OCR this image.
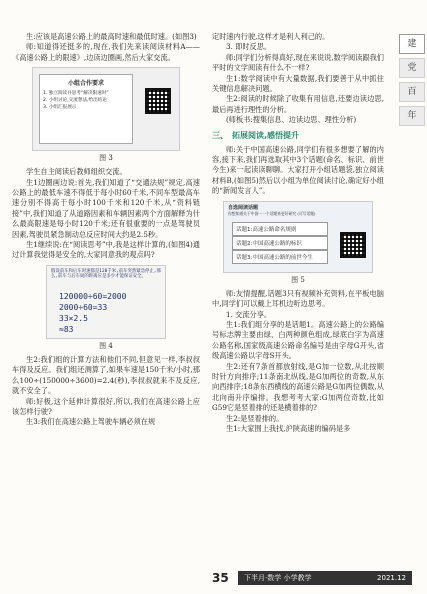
建
党
百
年

生:应该是高速公路上的最高时速和最低时速。(如图3)

师:知道得还挺多的,现在,我们先来读阅读材料A——《高速公路上的限速》,边读边圈画,然后大家交流。

小组合作要求
1. 独立阅读并思考“解决限速时”
2. 小组讨论,交流想法,给出结论
3. 小组汇报展示
图 3

学生自主阅读后教师组织交流。

生1边圈画边说:首先,我们知道了“交通法规”规定,高速公路上的最低车速不得低于每小时60千米,不同车型最高车速分别不得高于每小时100千米和120千米,从“资料链接”中,我们知道了从道路因素和车辆因素两个方面解释为什么最高限速是每小时120千米;还有很重要的一点是驾驶员因素,驾驶员紧急制动总反应时间大约是2.5秒。

生1继续说:在“阅读思考”中,我是这样计算的,(如图4)通过计算我觉得是安全的,大家同意我的观点吗?

假设前车和后车时速都是120千米,前车突然紧急停止,那么,前车与后车间的距离应是多少才能保证安全。
120000÷60=2000
2000÷60=33
33×2.5
≈83
图 4

生2:我们组的计算方法和他们不同,但意见一样,李叔叔车得及反应。我们组还测算了,如果车速是150千米/小时,那么100÷(150000÷3600)=2.4(秒),李叔叔就来不及反应,就不安全了。

师:好极,这个延伸计算很好,所以,我们在高速公路上应该怎样行驶?

生3:我们在高速公路上驾驶车辆必须在规

定时速内行驶,这样才是利人利己的。

3. 即时反思。

师:同学们分析得真好,现在来说说,数学阅读跟我们平时的文学阅读有什么不一样?

生1:数学阅读中有大量数据,我们要善于从中抓住关键信息解决问题。

生2:阅读的时候除了收集有用信息,还要边读边思,最后再进行理性的分析。

(师板书:搜集信息、边读边思、理性分析)

三、 拓展阅读,感悟提升

师:关于中国高速公路,同学们有很多想要了解的内容,接下来,我们再选取其中3个话题(命名、标识、前世今生)来一起读读聊聊。大家打开小组话题袋,独立阅读材料B,(如图5)然后以小组为单位阅读讨论,确定好小组的“新闻发言人”。

自选阅读话题
你想知道关于中国···一个话题来更好研究 (可写话题)
话题1:高速公路命名规则
话题2:中国高速公路的标识
话题3:中国高速公路的前世今生
图 5

师:友情提醒,话题3只有视频补充资料,在平板电脑中,同学们可以戴上耳机边听边思考。

1. 交流分享。

生1:我们组分享的是话题1。高速公路上的公路编号标志牌主要由绿、白两种颜色组成,绿底白字为高速公路名称,国家级高速公路命名编号是由字母G开头,省级高速公路以字母S开头。

生2:还有7条首都放射线,是G加一位数,从北按顺时针方向排序;11条南北纵线,是G加两位的奇数,从东向西排序;18条东西横线的高速公路是G加两位偶数,从北向南升序编排。我想考考大家:G加两位奇数,比如G59它是竖着排的还是横着排的?

生2:是竖着排的。

生1:大家围上我找,沪陕高速的编码是多

35	下半月·数学 小学教学	2021.12
